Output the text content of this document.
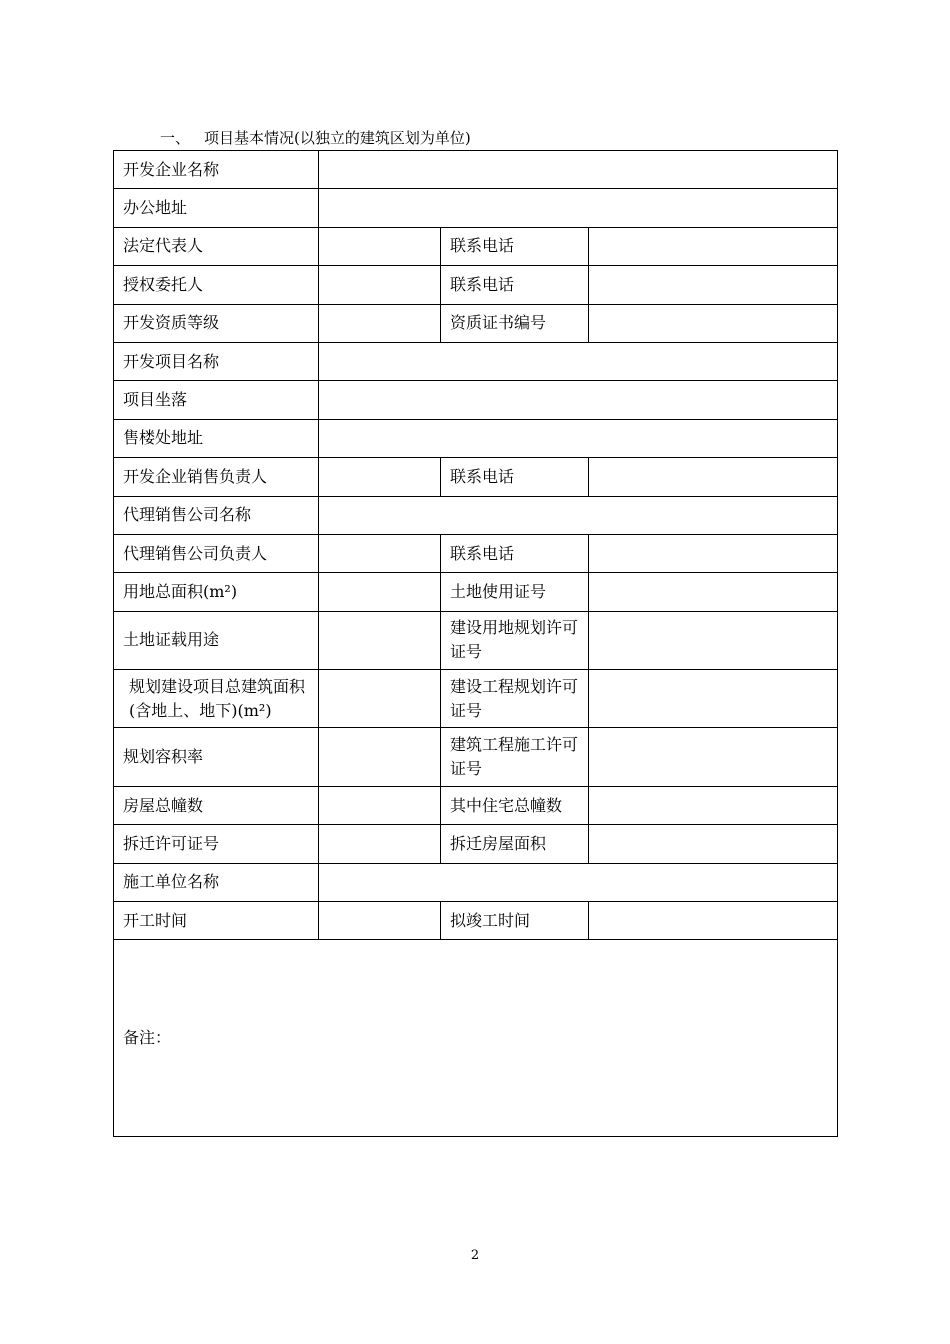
一、 项目基本情况(以独立的建筑区划为单位)
开发企业名称			
办公地址			
法定代表人		联系电话	
授权委托人		联系电话	
开发资质等级		资质证书编号	
开发项目名称			
项目坐落			
售楼处地址			
开发企业销售负责人		联系电话	
代理销售公司名称			
代理销售公司负责人		联系电话	
用地总面积(m²)		土地使用证号	
土地证载用途		建设用地规划许可证号	
规划建设项目总建筑面积(含地上、地下)(m²)		建设工程规划许可证号	
规划容积率		建筑工程施工许可证号	
房屋总幢数		其中住宅总幢数	
拆迁许可证号		拆迁房屋面积	
施工单位名称			
开工时间		拟竣工时间	
备注：			
2
